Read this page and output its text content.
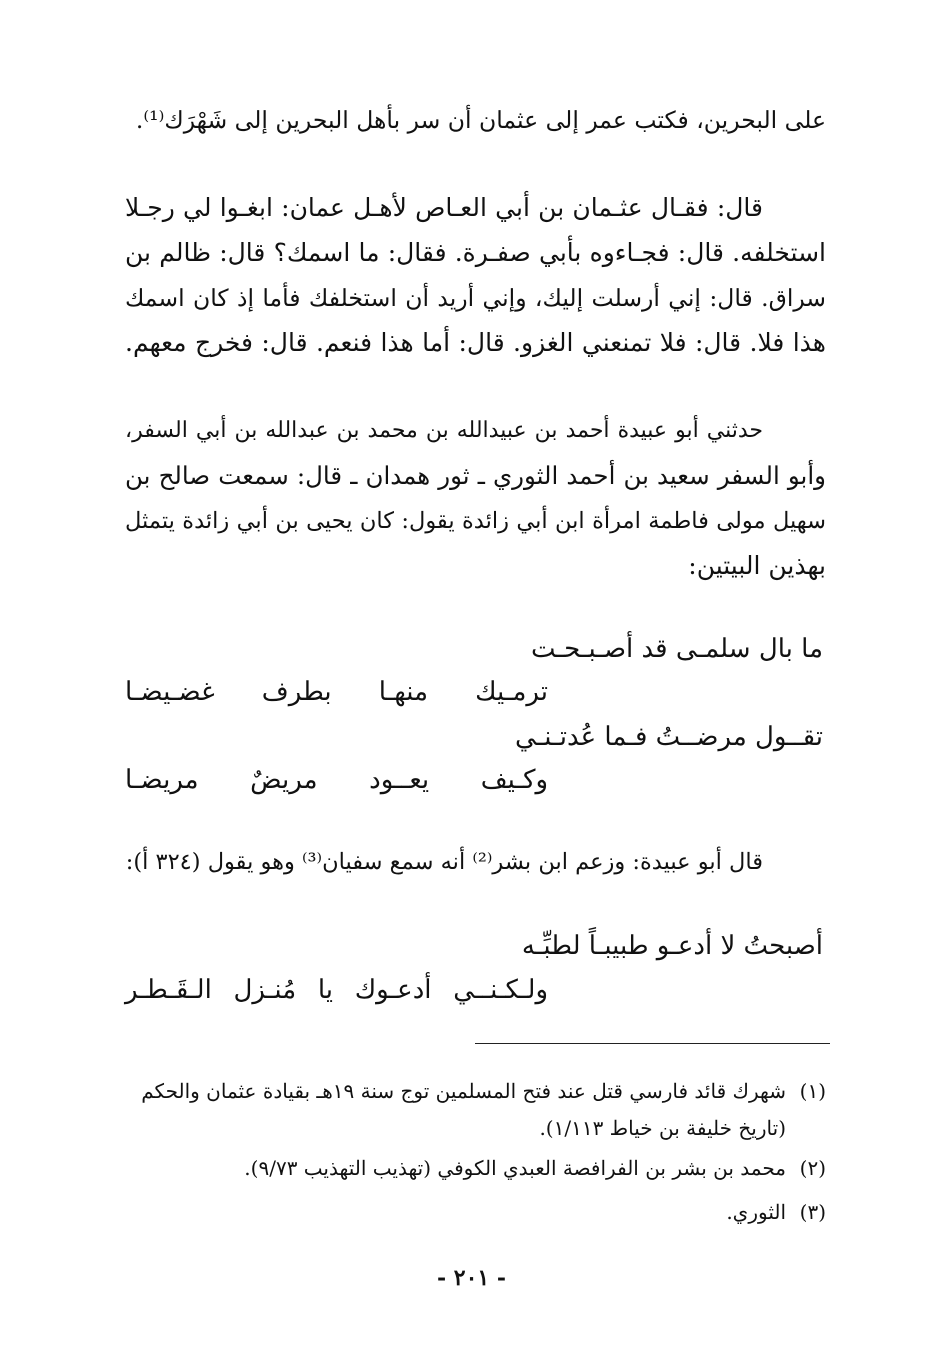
على البحرين، فكتب عمر إلى عثمان أن سر بأهل البحرين إلى شَهْرَك⁽¹⁾.
قال: فقـال عثـمان بن أبي العـاص لأهـل عمان: ابغـوا لي رجـلا
استخلفه. قال: فجـاءوه بأبي صفـرة. فقال: ما اسمك؟ قال: ظالم بن
سراق. قال: إني أرسلت إليك، وإني أريد أن استخلفك فأما إذ كان اسمك
هذا فلا. قال: فلا تمنعني الغزو. قال: أما هذا فنعم. قال: فخرج معهم.
حدثني أبو عبيدة أحمد بن عبيدالله بن محمد بن عبدالله بن أبي السفر،
وأبو السفر سعيد بن أحمد الثوري ـ ثور همدان ـ قال: سمعت صالح بن
سهيل مولى فاطمة امرأة ابن أبي زائدة يقول: كان يحيى بن أبي زائدة يتمثل
بهذين البيتين:
ما بال سلمـى قد أصـبـحـت
ترمـيك منهـا بطرف غضـيضـا
تقــول مرضــتُ فـما عُدتـنـي
وكـيف يعــود مريضٌ مريضـا
قال أبو عبيدة: وزعم ابن بشر⁽²⁾ أنه سمع سفيان⁽³⁾ وهو يقول (٣٢٤ أ):
أصبحتُ لا أدعـو طبيبـاً لطبِّـه
ولـكـنــي أدعـوك يا مُنـزل الـقَـطـر
(١)شهرك قائد فارسي قتل عند فتح المسلمين توج سنة ١٩هـ بقيادة عثمان والحكم
(تاريخ خليفة بن خياط ١/١١٣).
(٢)محمد بن بشر بن الفرافصة العبدي الكوفي (تهذيب التهذيب ٩/٧٣).
(٣)الثوري.
- ٢٠١ -
